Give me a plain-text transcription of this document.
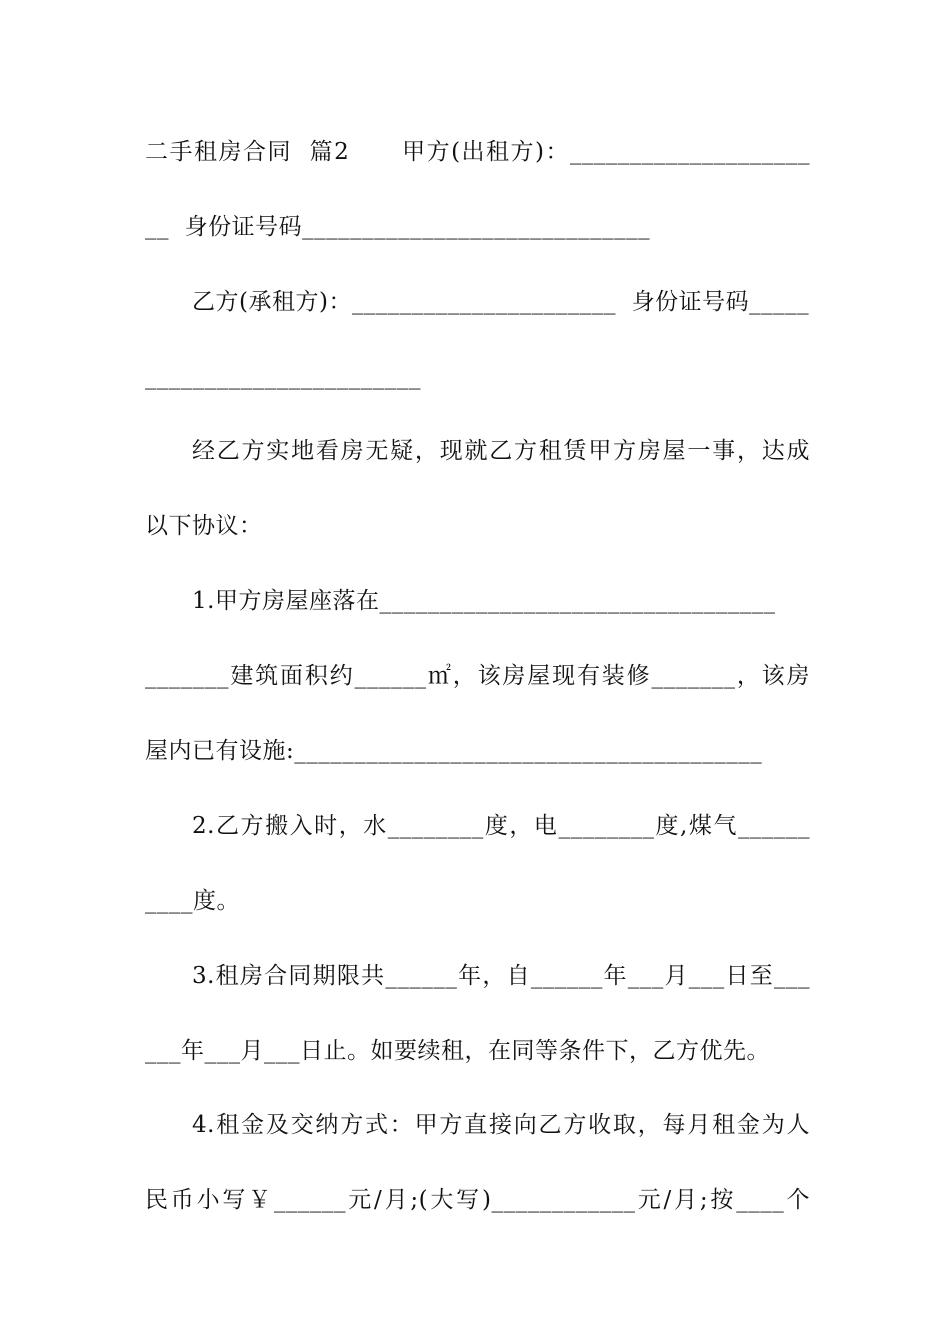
二手租房合同  篇2      甲方(出租方)：____________________
__  身份证号码_____________________________
乙方(承租方)：______________________  身份证号码_____
_______________________
经乙方实地看房无疑，现就乙方租赁甲方房屋一事，达成
以下协议：
1.甲方房屋座落在_________________________________
_______建筑面积约______㎡，该房屋现有装修_______，该房
屋内已有设施:_______________________________________
2.乙方搬入时，水________度，电________度,煤气______
____度。
3.租房合同期限共______年，自______年___月___日至___
___年___月___日止。如要续租，在同等条件下，乙方优先。
4.租金及交纳方式：甲方直接向乙方收取，每月租金为人
民币小写￥______元/月;(大写)____________元/月;按____个
